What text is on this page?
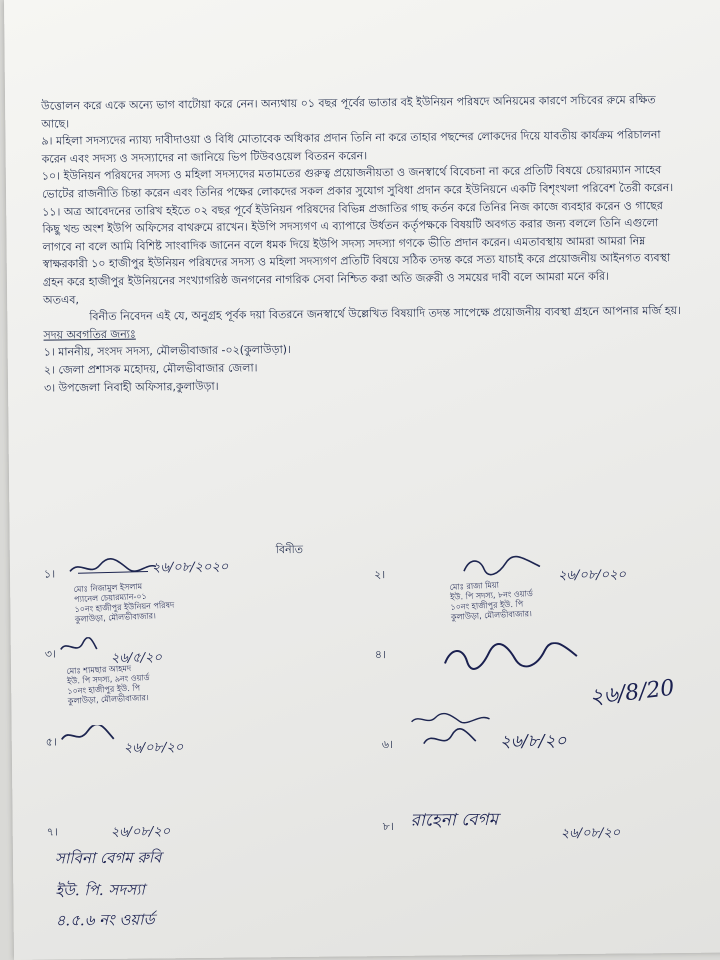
উত্তোলন করে একে অন্যে ভাগ বাটোয়া করে নেন। অন্যথায় ০১ বছর পূর্বের ভাতার বই ইউনিয়ন পরিষদে অনিয়মের কারণে সচিবের রুমে রক্ষিত আছে।

৯। মহিলা সদস্যদের ন্যায্য দাবীদাওয়া ও বিধি মোতাবেক অধিকার প্রদান তিনি না করে তাহার পছন্দের লোকদের দিয়ে যাবতীয় কার্যক্রম পরিচালনা করেন এবং সদস্য ও সদস্যাদের না জানিয়ে ভিপ টিউবওয়েল বিতরন করেন।

১০। ইউনিয়ন পরিষদের সদস্য ও মহিলা সদস্যদের মতামতের গুরুত্ব প্রয়োজনীয়তা ও জনস্বার্থে বিবেচনা না করে প্রতিটি বিষয়ে চেয়ারম্যান সাহেব ভোটের রাজনীতি চিন্তা করেন এবং তিনির পক্ষের লোকদের সকল প্রকার সুযোগ সুবিধা প্রদান করে ইউনিয়নে একটি বিশৃংখলা পরিবেশ তৈরী করেন।

১১। অত্র আবেদনের তারিখ হইতে ০২ বছর পূর্বে ইউনিয়ন পরিষদের বিভিন্ন প্রজাতির গাছ কর্তন করে তিনির নিজ কাজে ব্যবহার করেন ও গাছের কিছু খন্ড অংশ ইউপি অফিসের বাথরুমে রাখেন। ইউপি সদস্যগণ এ ব্যাপারে উর্ধতন কর্তৃপক্ষকে বিষয়টি অবগত করার জন্য বললে তিনি এগুলো লাগবে না বলে আমি বিশিষ্ট সাংবাদিক জানেন বলে ধমক দিয়ে ইউপি সদস্য সদস্যা গণকে ভীতি প্রদান করেন। এমতাবস্থায় আমরা আমরা নিম্ন স্বাক্ষরকারী ১০ হাজীপুর ইউনিয়ন পরিষদের সদস্য ও মহিলা সদস্যগণ প্রতিটি বিষয়ে সঠিক তদন্ত করে সত্য যাচাই করে প্রয়োজনীয় আইনগত ব্যবস্থা গ্রহন করে হাজীপুর ইউনিয়নের সংখ্যাগরিষ্ঠ জনগনের নাগরিক সেবা নিশ্চিত করা অতি জরুরী ও সময়ের দাবী বলে আমরা মনে করি।

অতএব,

বিনীত নিবেদন এই যে, অনুগ্রহ পূর্বক দয়া বিতরনে জনস্বার্থে উল্লেখিত বিষয়াদি তদন্ত সাপেক্ষে প্রয়োজনীয় ব্যবস্থা গ্রহনে আপনার মর্জি হয়।

সদয় অবগতির জন্যঃ

১। মাননীয়, সংসদ সদস্য, মৌলভীবাজার -০২(কুলাউড়া)।

২। জেলা প্রশাসক মহোদয়, মৌলভীবাজার জেলা।

৩। উপজেলা নিবাহী অফিসার,কুলাউড়া।

বিনীত
১।	২৬/০৮/২০২০
মোঃ নিজামুল ইসলাম
প্যানেল চেয়ারম্যান-০১
১০নং হাজীপুর ইউনিয়ন পরিষদ
কুলাউড়া, মৌলভীবাজার।
২।	২৬/০৮/০২০
মোঃ রাজা মিয়া
ইউ. পি সদস্য, ৮নং ওয়ার্ড
১০নং হাজীপুর ইউ. পি
কুলাউড়া, মৌলভীবাজার।
৩।	২৬/৫/২০
মোঃ শামছার আহমদ
ইউ. পি সদস্য, ৯নং ওয়ার্ড
১০নং হাজীপুর ইউ. পি
কুলাউড়া, মৌলভীবাজার।
৪।
২৬/8/20
৫।	২৬/০৮/২০	৬।	২৬/৮/২০
৭।	২৬/০৮/২০
সাবিনা বেগম রুবি
ইউ. পি. সদস্যা
৪.৫.৬ নং ওয়ার্ড
৮। রাহেনা বেগম
২৬/০৮/২০
